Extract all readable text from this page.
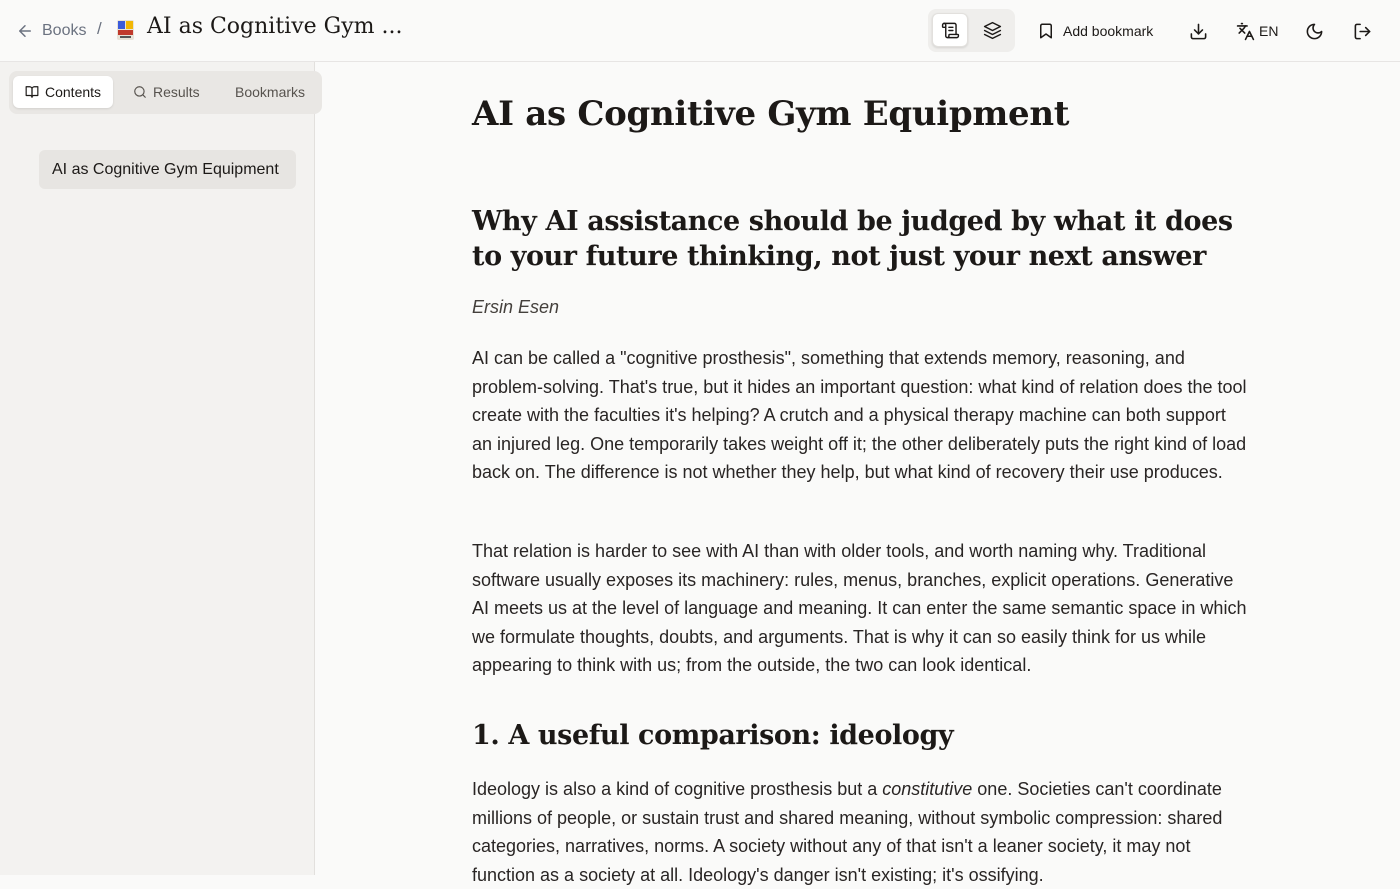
Books / AI as Cognitive Gym ...	Add bookmark	EN
Contents	Results	Bookmarks
AI as Cognitive Gym Equipment
AI as Cognitive Gym Equipment
Why AI assistance should be judged by what it does to your future thinking, not just your next answer

Ersin Esen

AI can be called a "cognitive prosthesis", something that extends memory, reasoning, and problem-solving. That's true, but it hides an important question: what kind of relation does the tool create with the faculties it's helping? A crutch and a physical therapy machine can both support an injured leg. One temporarily takes weight off it; the other deliberately puts the right kind of load back on. The difference is not whether they help, but what kind of recovery their use produces.

That relation is harder to see with AI than with older tools, and worth naming why. Traditional software usually exposes its machinery: rules, menus, branches, explicit operations. Generative AI meets us at the level of language and meaning. It can enter the same semantic space in which we formulate thoughts, doubts, and arguments. That is why it can so easily think for us while appearing to think with us; from the outside, the two can look identical.

1. A useful comparison: ideology

Ideology is also a kind of cognitive prosthesis but a constitutive one. Societies can't coordinate millions of people, or sustain trust and shared meaning, without symbolic compression: shared categories, narratives, norms. A society without any of that isn't a leaner society, it may not function as a society at all. Ideology's danger isn't existing; it's ossifying.
